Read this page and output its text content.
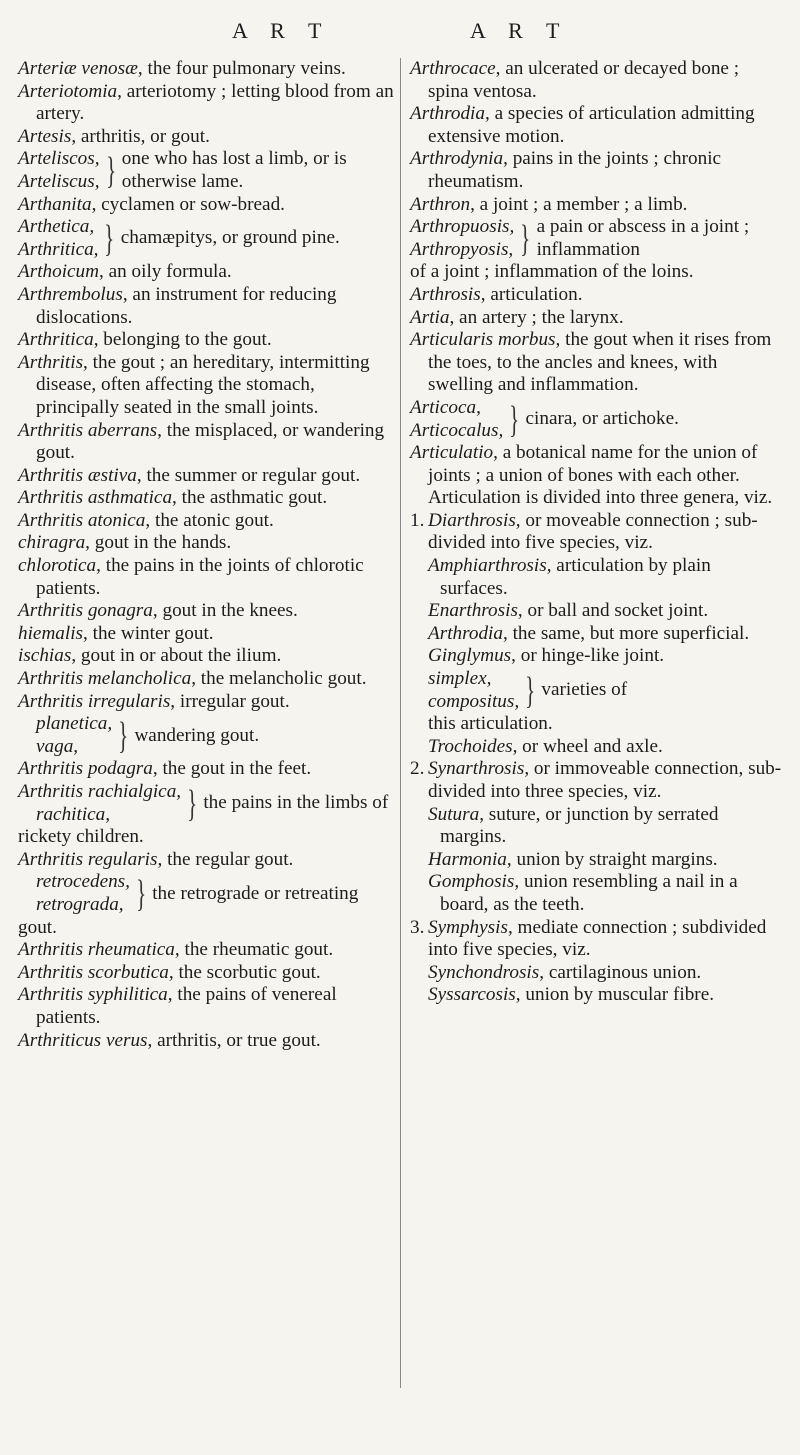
A R T	A R T

Arteriæ venosæ, the four pulmonary veins.

Arteriotomia, arteriotomy ; letting blood from an artery.

Artesis, arthritis, or gout.

Arteliscos,
Arteliscus, } one who has lost a limb, or is otherwise lame.

Arthanita, cyclamen or sow-bread.

Arthetica,
Arthritica, } chamæpitys, or ground pine.

Arthoicum, an oily formula.

Arthrembolus, an instrument for reducing dislocations.

Arthritica, belonging to the gout.

Arthritis, the gout ; an hereditary, intermitting disease, often affecting the stomach, principally seated in the small joints.

Arthritis aberrans, the misplaced, or wandering gout.

Arthritis æstiva, the summer or regular gout.

Arthritis asthmatica, the asthmatic gout.

Arthritis atonica, the atonic gout.

chiragra, gout in the hands.

chlorotica, the pains in the joints of chlorotic patients.

Arthritis gonagra, gout in the knees.

hiemalis, the winter gout.

ischias, gout in or about the ilium.

Arthritis melancholica, the melancholic gout.

Arthritis irregularis, irregular gout.

planetica,
vaga,	} wandering gout.

Arthritis podagra, the gout in the feet.

Arthritis rachialgica,
rachitica,	} the pains in the limbs of

rickety children.

Arthritis regularis, the regular gout.

retrocedens,
retrograda, } the retrograde or retreating

gout.

Arthritis rheumatica, the rheumatic gout.

Arthritis scorbutica, the scorbutic gout.

Arthritis syphilitica, the pains of venereal patients.

Arthriticus verus, arthritis, or true gout.

Arthrocace, an ulcerated or decayed bone ; spina ventosa.

Arthrodia, a species of articulation admitting extensive motion.

Arthrodynia, pains in the joints ; chronic rheumatism.

Arthron, a joint ; a member ; a limb.

Arthropuosis,
Arthropyosis, } a pain or abscess in a joint ; inflammation

of a joint ; inflammation of the loins.

Arthrosis, articulation.

Artia, an artery ; the larynx.

Articularis morbus, the gout when it rises from the toes, to the ancles and knees, with swelling and inflammation.

Articoca,
Articocalus, } cinara, or artichoke.

Articulatio, a botanical name for the union of joints ; a union of bones with each other. Articulation is divided into three genera, viz.

1. Diarthrosis, or moveable connection ; sub-divided into five species, viz.

Amphiarthrosis, articulation by plain surfaces.

Enarthrosis, or ball and socket joint.

Arthrodia, the same, but more superficial.

Ginglymus, or hinge-like joint.

simplex,
compositus, } varieties of

this articulation.

Trochoides, or wheel and axle.

2. Synarthrosis, or immoveable connection, sub-divided into three species, viz.

Sutura, suture, or junction by serrated margins.

Harmonia, union by straight margins.

Gomphosis, union resembling a nail in a board, as the teeth.

3. Symphysis, mediate connection ; subdivided into five species, viz.

Synchondrosis, cartilaginous union.

Syssarcosis, union by muscular fibre.
